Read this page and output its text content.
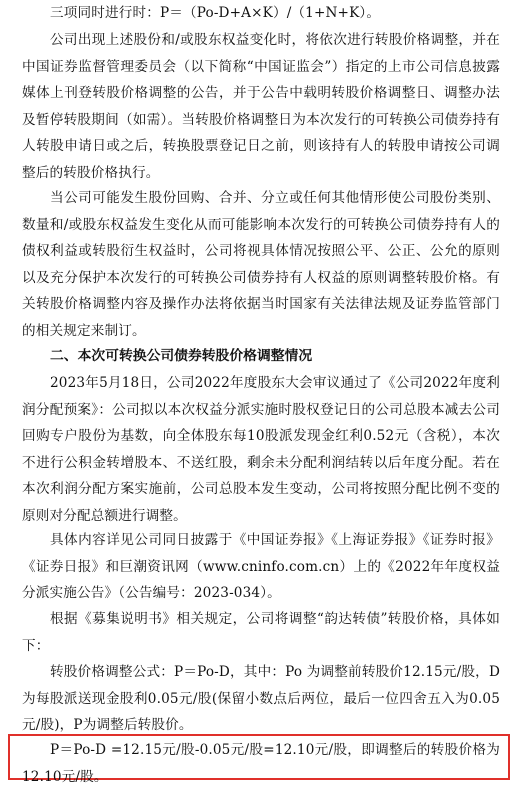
三项同时进行时：P＝（Po-D+A×K）/（1+N+K）。

公司出现上述股份和/或股东权益变化时，将依次进行转股价格调整，并在中国证券监督管理委员会（以下简称“中国证监会”）指定的上市公司信息披露媒体上刊登转股价格调整的公告，并于公告中载明转股价格调整日、调整办法及暂停转股期间（如需）。当转股价格调整日为本次发行的可转换公司债券持有人转股申请日或之后，转换股票登记日之前，则该持有人的转股申请按公司调整后的转股价格执行。

当公司可能发生股份回购、合并、分立或任何其他情形使公司股份类别、数量和/或股东权益发生变化从而可能影响本次发行的可转换公司债券持有人的债权利益或转股衍生权益时，公司将视具体情况按照公平、公正、公允的原则以及充分保护本次发行的可转换公司债券持有人权益的原则调整转股价格。有关转股价格调整内容及操作办法将依据当时国家有关法律法规及证券监管部门的相关规定来制订。

二、本次可转换公司债券转股价格调整情况

2023年5月18日，公司2022年度股东大会审议通过了《公司2022年度利润分配预案》：公司拟以本次权益分派实施时股权登记日的公司总股本减去公司回购专户股份为基数，向全体股东每10股派发现金红利0.52元（含税），本次不进行公积金转增股本、不送红股，剩余未分配利润结转以后年度分配。若在本次利润分配方案实施前，公司总股本发生变动，公司将按照分配比例不变的原则对分配总额进行调整。

具体内容详见公司同日披露于《中国证券报》《上海证券报》《证券时报》《证券日报》和巨潮资讯网（www.cninfo.com.cn）上的《2022年年度权益分派实施公告》（公告编号：2023-034）。

根据《募集说明书》相关规定，公司将调整“韵达转债”转股价格，具体如下：

转股价格调整公式：P＝Po-D，其中：Po 为调整前转股价12.15元/股，D为每股派送现金股利0.05元/股(保留小数点后两位，最后一位四舍五入为0.05元/股)，P为调整后转股价。

P＝Po-D =12.15元/股-0.05元/股=12.10元/股，即调整后的转股价格为12.10元/股。
